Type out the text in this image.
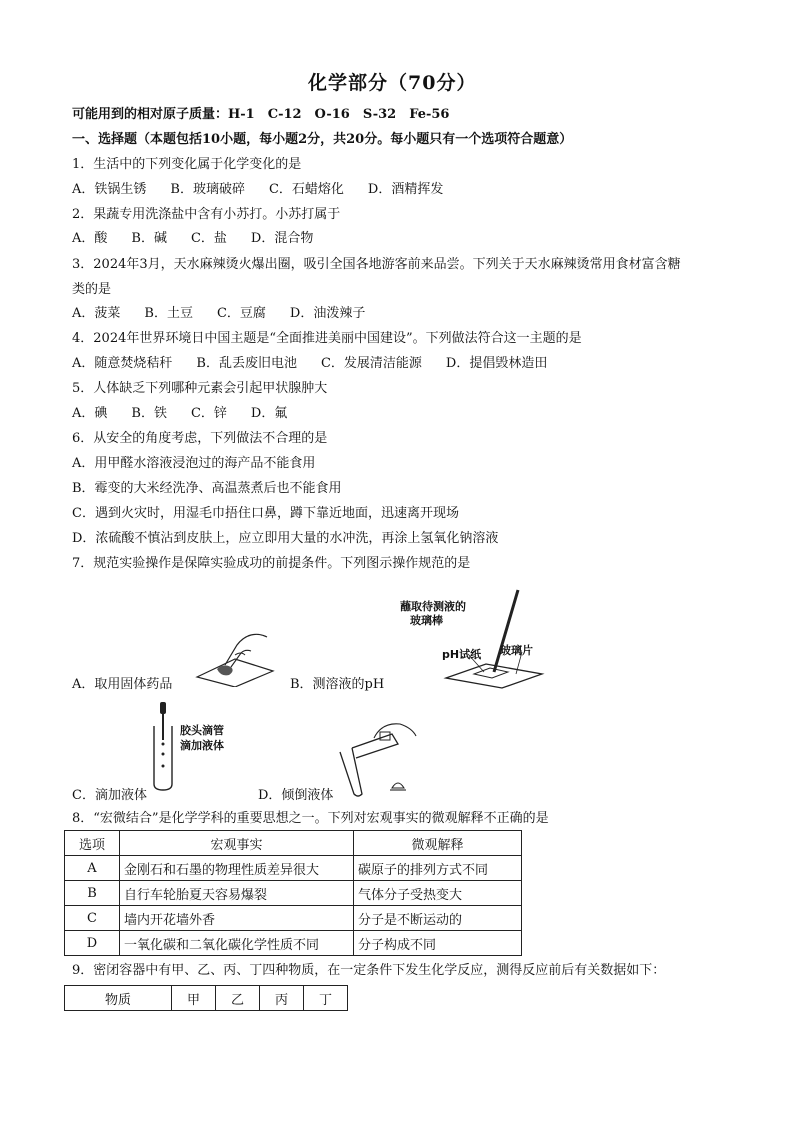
化学部分（70分）
可能用到的相对原子质量：H-1　C-12　O-16　S-32　Fe-56
一、选择题（本题包括10小题，每小题2分，共20分。每小题只有一个选项符合题意）
1．生活中的下列变化属于化学变化的是
A．铁锅生锈 B．玻璃破碎 C．石蜡熔化 D．酒精挥发
2．果蔬专用洗涤盐中含有小苏打。小苏打属于
A．酸 B．碱 C．盐 D．混合物
3．2024年3月，天水麻辣烫火爆出圈，吸引全国各地游客前来品尝。下列关于天水麻辣烫常用食材富含糖
类的是
A．菠菜 B．土豆 C．豆腐 D．油泼辣子
4．2024年世界环境日中国主题是“全面推进美丽中国建设”。下列做法符合这一主题的是
A．随意焚烧秸秆 B．乱丢废旧电池 C．发展清洁能源 D．提倡毁林造田
5．人体缺乏下列哪种元素会引起甲状腺肿大
A．碘 B．铁 C．锌 D．氟
6．从安全的角度考虑，下列做法不合理的是
A．用甲醛水溶液浸泡过的海产品不能食用
B．霉变的大米经洗净、高温蒸煮后也不能食用
C．遇到火灾时，用湿毛巾捂住口鼻，蹲下靠近地面，迅速离开现场
D．浓硫酸不慎沾到皮肤上，应立即用大量的水冲洗，再涂上氢氧化钠溶液
7．规范实验操作是保障实验成功的前提条件。下列图示操作规范的是
A．取用固体药品
蘸取待测液的
玻璃棒
pH试纸 玻璃片
B．测溶液的pH
胶头滴管
滴加液体
C．滴加液体	D．倾倒液体
8．“宏微结合”是化学学科的重要思想之一。下列对宏观事实的微观解释不正确的是
选项	宏观事实	微观解释
A	金刚石和石墨的物理性质差异很大	碳原子的排列方式不同
B	自行车轮胎夏天容易爆裂	气体分子受热变大
C	墙内开花墙外香	分子是不断运动的
D	一氧化碳和二氧化碳化学性质不同	分子构成不同
9．密闭容器中有甲、乙、丙、丁四种物质，在一定条件下发生化学反应，测得反应前后有关数据如下：
物质	甲	乙	丙	丁
